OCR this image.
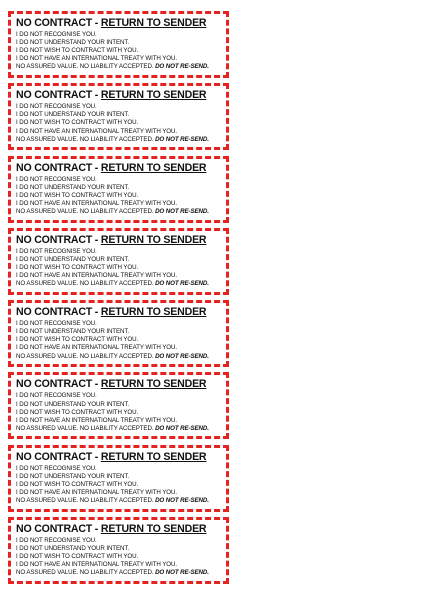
NO CONTRACT - RETURN TO SENDER
I DO NOT RECOGNISE YOU.
I DO NOT UNDERSTAND YOUR INTENT.
I DO NOT WISH TO CONTRACT WITH YOU.
I DO NOT HAVE AN INTERNATIONAL TREATY WITH YOU.
NO ASSURED VALUE. NO LIABILITY ACCEPTED. DO NOT RE-SEND.
NO CONTRACT - RETURN TO SENDER
I DO NOT RECOGNISE YOU.
I DO NOT UNDERSTAND YOUR INTENT.
I DO NOT WISH TO CONTRACT WITH YOU.
I DO NOT HAVE AN INTERNATIONAL TREATY WITH YOU.
NO ASSURED VALUE. NO LIABILITY ACCEPTED. DO NOT RE-SEND.
NO CONTRACT - RETURN TO SENDER
I DO NOT RECOGNISE YOU.
I DO NOT UNDERSTAND YOUR INTENT.
I DO NOT WISH TO CONTRACT WITH YOU.
I DO NOT HAVE AN INTERNATIONAL TREATY WITH YOU.
NO ASSURED VALUE. NO LIABILITY ACCEPTED. DO NOT RE-SEND.
NO CONTRACT - RETURN TO SENDER
I DO NOT RECOGNISE YOU.
I DO NOT UNDERSTAND YOUR INTENT.
I DO NOT WISH TO CONTRACT WITH YOU.
I DO NOT HAVE AN INTERNATIONAL TREATY WITH YOU.
NO ASSURED VALUE. NO LIABILITY ACCEPTED. DO NOT RE-SEND.
NO CONTRACT - RETURN TO SENDER
I DO NOT RECOGNISE YOU.
I DO NOT UNDERSTAND YOUR INTENT.
I DO NOT WISH TO CONTRACT WITH YOU.
I DO NOT HAVE AN INTERNATIONAL TREATY WITH YOU.
NO ASSURED VALUE. NO LIABILITY ACCEPTED. DO NOT RE-SEND.
NO CONTRACT - RETURN TO SENDER
I DO NOT RECOGNISE YOU.
I DO NOT UNDERSTAND YOUR INTENT.
I DO NOT WISH TO CONTRACT WITH YOU.
I DO NOT HAVE AN INTERNATIONAL TREATY WITH YOU.
NO ASSURED VALUE. NO LIABILITY ACCEPTED. DO NOT RE-SEND.
NO CONTRACT - RETURN TO SENDER
I DO NOT RECOGNISE YOU.
I DO NOT UNDERSTAND YOUR INTENT.
I DO NOT WISH TO CONTRACT WITH YOU.
I DO NOT HAVE AN INTERNATIONAL TREATY WITH YOU.
NO ASSURED VALUE. NO LIABILITY ACCEPTED. DO NOT RE-SEND.
NO CONTRACT - RETURN TO SENDER
I DO NOT RECOGNISE YOU.
I DO NOT UNDERSTAND YOUR INTENT.
I DO NOT WISH TO CONTRACT WITH YOU.
I DO NOT HAVE AN INTERNATIONAL TREATY WITH YOU.
NO ASSURED VALUE. NO LIABILITY ACCEPTED. DO NOT RE-SEND.
